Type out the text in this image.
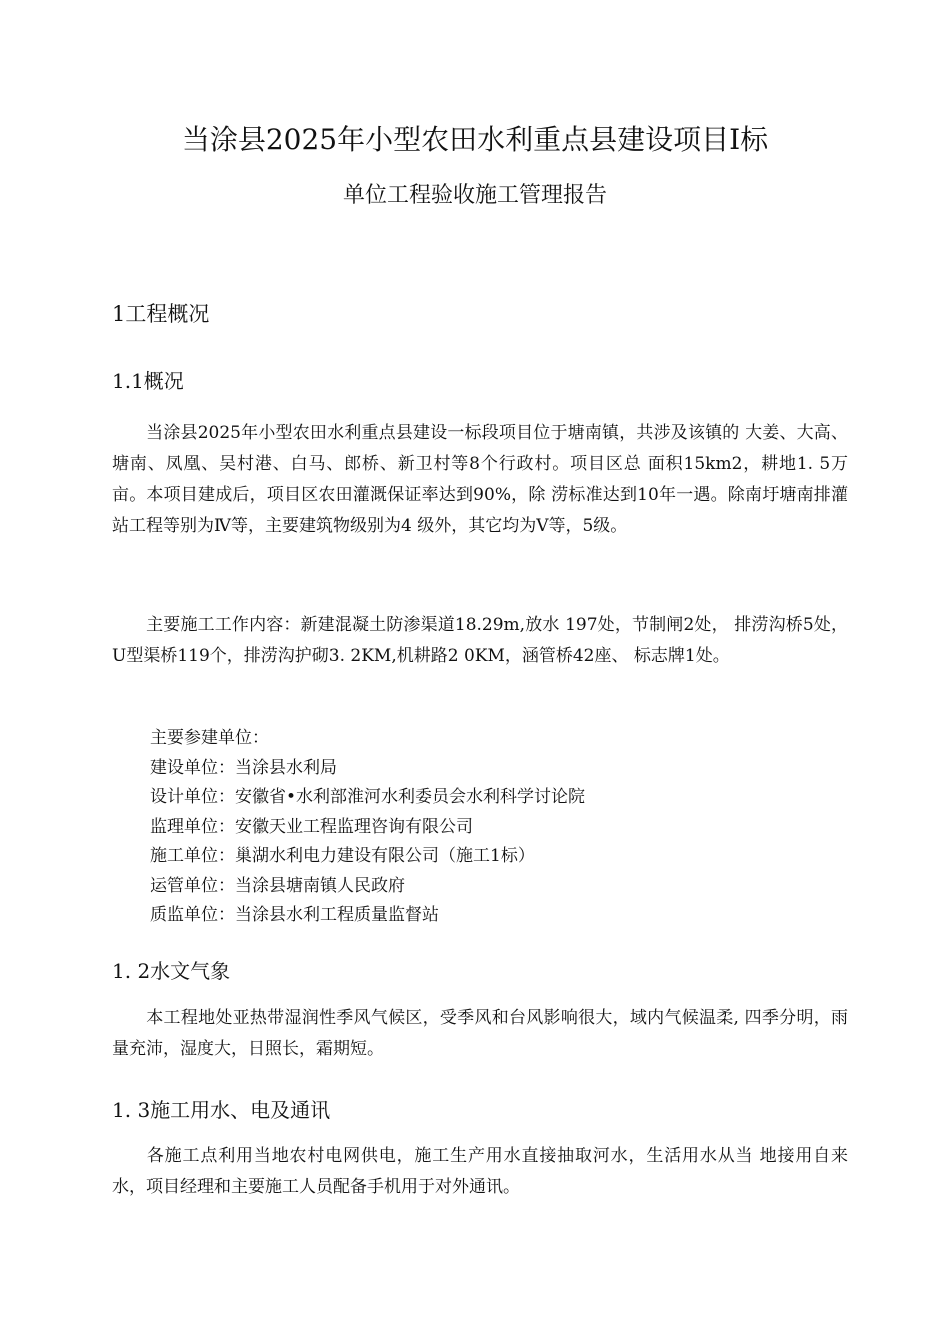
当涂县2025年小型农田水利重点县建设项目Ⅰ标
单位工程验收施工管理报告
1工程概况
1.1概况
当涂县2025年小型农田水利重点县建设一标段项目位于塘南镇，共涉及该镇的 大姜、大高、塘南、凤凰、吴村港、白马、郎桥、新卫村等8个行政村。项目区总 面积15km2，耕地1. 5万亩。本项目建成后，项目区农田灌溉保证率达到90%，除 涝标准达到10年一遇。除南圩塘南排灌站工程等别为Ⅳ等，主要建筑物级别为4 级外，其它均为Ⅴ等，5级。
主要施工工作内容：新建混凝土防渗渠道18.29m,放水 197处，节制闸2处， 排涝沟桥5处，U型渠桥119个，排涝沟护砌3. 2KM,机耕路2 0KM，涵管桥42座、 标志牌1处。
主要参建单位：
建设单位：当涂县水利局
设计单位：安徽省•水利部淮河水利委员会水利科学讨论院
监理单位：安徽天业工程监理咨询有限公司
施工单位：巢湖水利电力建设有限公司（施工1标）
运管单位：当涂县塘南镇人民政府
质监单位：当涂县水利工程质量监督站
1. 2水文气象
本工程地处亚热带湿润性季风气候区，受季风和台风影响很大，域内气候温柔, 四季分明，雨量充沛，湿度大，日照长，霜期短。
1. 3施工用水、电及通讯
各施工点利用当地农村电网供电，施工生产用水直接抽取河水，生活用水从当 地接用自来水，项目经理和主要施工人员配备手机用于对外通讯。
